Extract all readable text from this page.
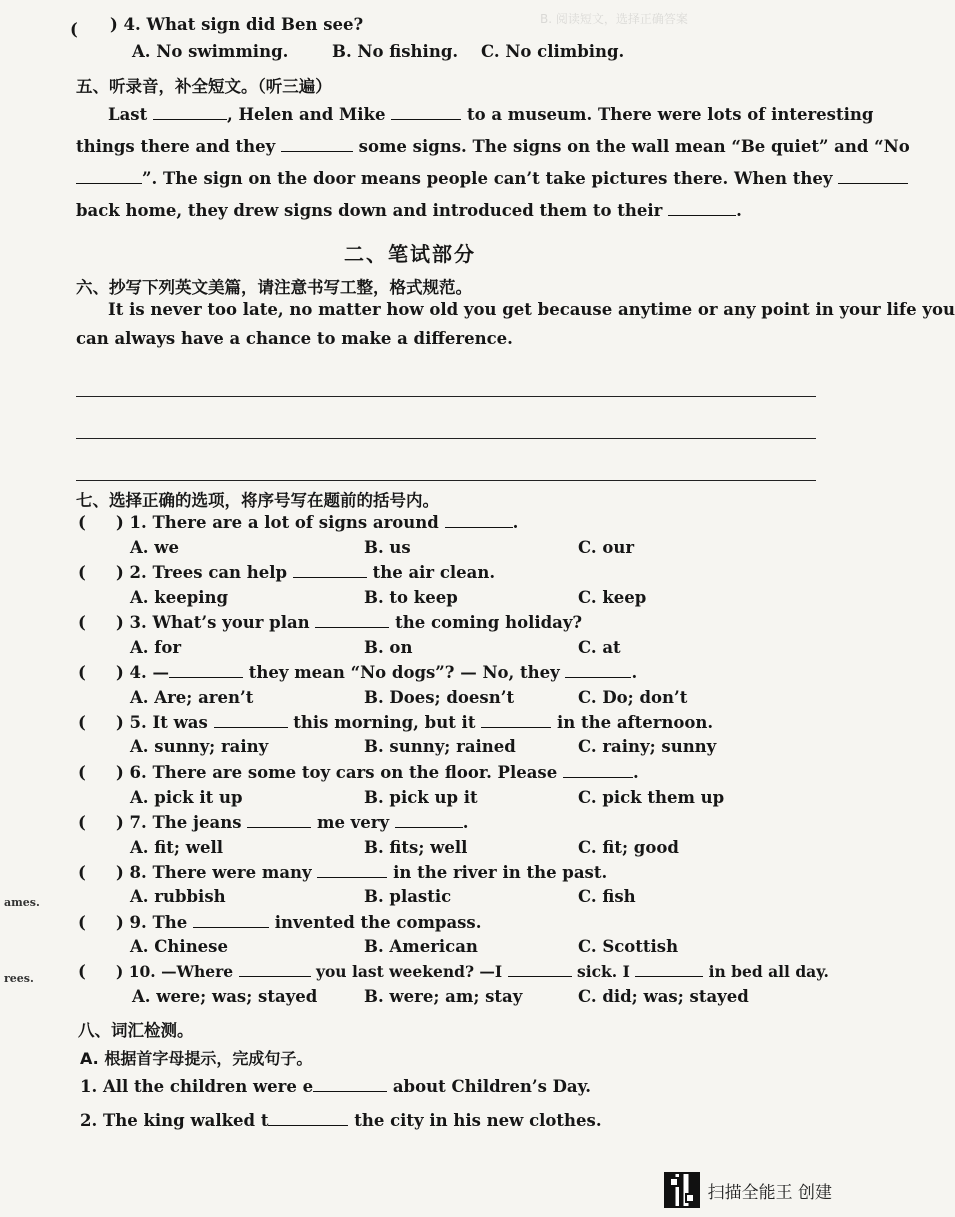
B. 阅读短文，选择正确答案
( ) 4. What sign did Ben see?
A. No swimming.	B. No fishing. C. No climbing.
五、听录音，补全短文。（听三遍）
Last	, Helen and Mike	to a museum. There were lots of interesting
things there and they	some signs. The signs on the wall mean “Be quiet” and “No
”. The sign on the door means people can’t take pictures there. When they
back home, they drew signs down and introduced them to their	.
二、笔试部分
六、抄写下列英文美篇，请注意书写工整，格式规范。
It is never too late, no matter how old you get because anytime or any point in your life you
can always have a chance to make a difference.
七、选择正确的选项，将序号写在题前的括号内。
( ) 1. There are a lot of signs around	.
A. we	B. us	C. our
( ) 2. Trees can help	the air clean.
A. keeping	B. to keep	C. keep
( ) 3. What’s your plan	the coming holiday?
A. for	B. on	C. at
( ) 4. —	they mean “No dogs”? — No, they	.
A. Are; aren’t	B. Does; doesn’t	C. Do; don’t
( ) 5. It was	this morning, but it	in the afternoon.
A. sunny; rainy	B. sunny; rained	C. rainy; sunny
( ) 6. There are some toy cars on the floor. Please	.
A. pick it up	B. pick up it	C. pick them up
( ) 7. The jeans	me very	.
A. fit; well	B. fits; well	C. fit; good
( ) 8. There were many	in the river in the past.
A. rubbish	B. plastic	C. fish
( ) 9. The	invented the compass.
A. Chinese	B. American	C. Scottish
( ) 10. —Where	you last weekend? —I	sick. I	in bed all day.
A. were; was; stayed	B. were; am; stay	C. did; was; stayed
八、词汇检测。
A. 根据首字母提示，完成句子。
1. All the children were e	about Children’s Day.
2. The king walked t	the city in his new clothes.
ames.
rees.
扫描全能王 创建
